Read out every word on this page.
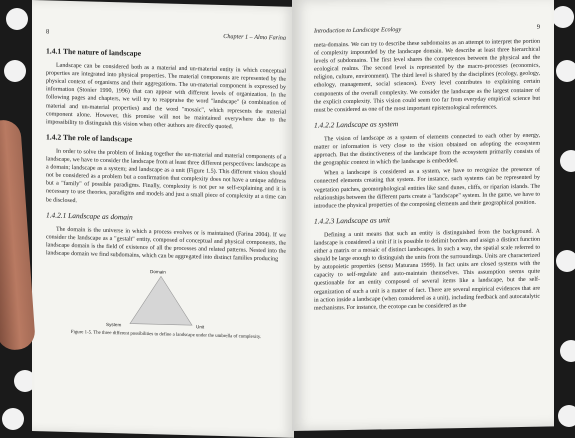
8
Chapter 1 – Almo Farina
1.4.1 The nature of landscape

Landscape can be considered both as a material and un-material entity in which conceptual properties are integrated into physical properties. The material components are represented by the physical context of organisms and their aggregations. The un-material component is expressed by information (Stonier 1990, 1996) that can appear with different levels of organization. In the following pages and chapters, we will try to reappraise the word "landscape" (a combination of material and un-material properties) and the word "mosaic", which represents the material component alone. However, this promise will not be maintained everywhere due to the impossibility to distinguish this vision when other authors are directly quoted.

1.4.2 The role of landscape

In order to solve the problem of linking together the un-material and material components of a landscape, we have to consider the landscape from at least three different perspectives: landscape as a domain; landscape as a system; and landscape as a unit (Figure 1.5). This different vision should not be considered as a problem but a confirmation that complexity does not have a unique address but a "family" of possible paradigms. Finally, complexity is not per se self-explaining and it is necessary to use theories, paradigms and models and just a small piece of complexity at a time can be disclosed.

1.4.2.1 Landscape as domain

The domain is the universe in which a process evolves or is maintained (Farina 2004). If we consider the landscape as a "gestalt" entity, composed of conceptual and physical components, the landscape domain is the field of existence of all the processes and related patterns. Nested into the landscape domain we find subdomains, which can be aggregated into distinct families producing

Domain
System	Unit
Figure 1-5. The three different possibilities to define a landscape under the umbrella of complexity.
Introduction to Landscape Ecology	9

meta-domains. We can try to describe these subdomains as an attempt to interpret the portion of complexity impounded by the landscape domain. We describe at least three hierarchical levels of subdomains. The first level shares the competences between the physical and the ecological realms. The second level is represented by the macro-processes (economics, religion, culture, environment). The third level is shared by the disciplines (ecology, geology, ethology, management, social sciences). Every level contributes to explaining certain components of the overall complexity. We consider the landscape as the largest container of the explicit complexity. This vision could seem too far from everyday empirical science but must be considered as one of the most important epistemological references.

1.4.2.2 Landscape as system

The vision of landscape as a system of elements connected to each other by energy, matter or information is very close to the vision obtained on adopting the ecosystem approach. But the distinctiveness of the landscape from the ecosystem primarily consists of the geographic context in which the landscape is embedded.

When a landscape is considered as a system, we have to recognize the presence of connected elements creating that system. For instance, such systems can be represented by vegetation patches, geomorphological entities like sand dunes, cliffs, or riparian islands. The relationships between the different parts create a "landscape" system. In the game, we have to introduce the physical properties of the composing elements and their geographical position.

1.4.2.3 Landscape as unit

Defining a unit means that such an entity is distinguished from the background. A landscape is considered a unit if it is possible to delimit borders and assign a distinct function either a matrix or a mosaic of distinct landscapes. In such a way, the spatial scale referred to should be large enough to distinguish the units from the surroundings. Units are characterized by autopoietic properties (sensu Maturana 1999). In fact units are closed systems with the capacity to self-regulate and auto-maintain themselves. This assumption seems quite questionable for an entity composed of several items like a landscape, but the self-organization of such a unit is a matter of fact. There are several empirical evidences that are in action inside a landscape (when considered as a unit), including feedback and autocatalytic mechanisms. For instance, the ecotope can be considered as the
